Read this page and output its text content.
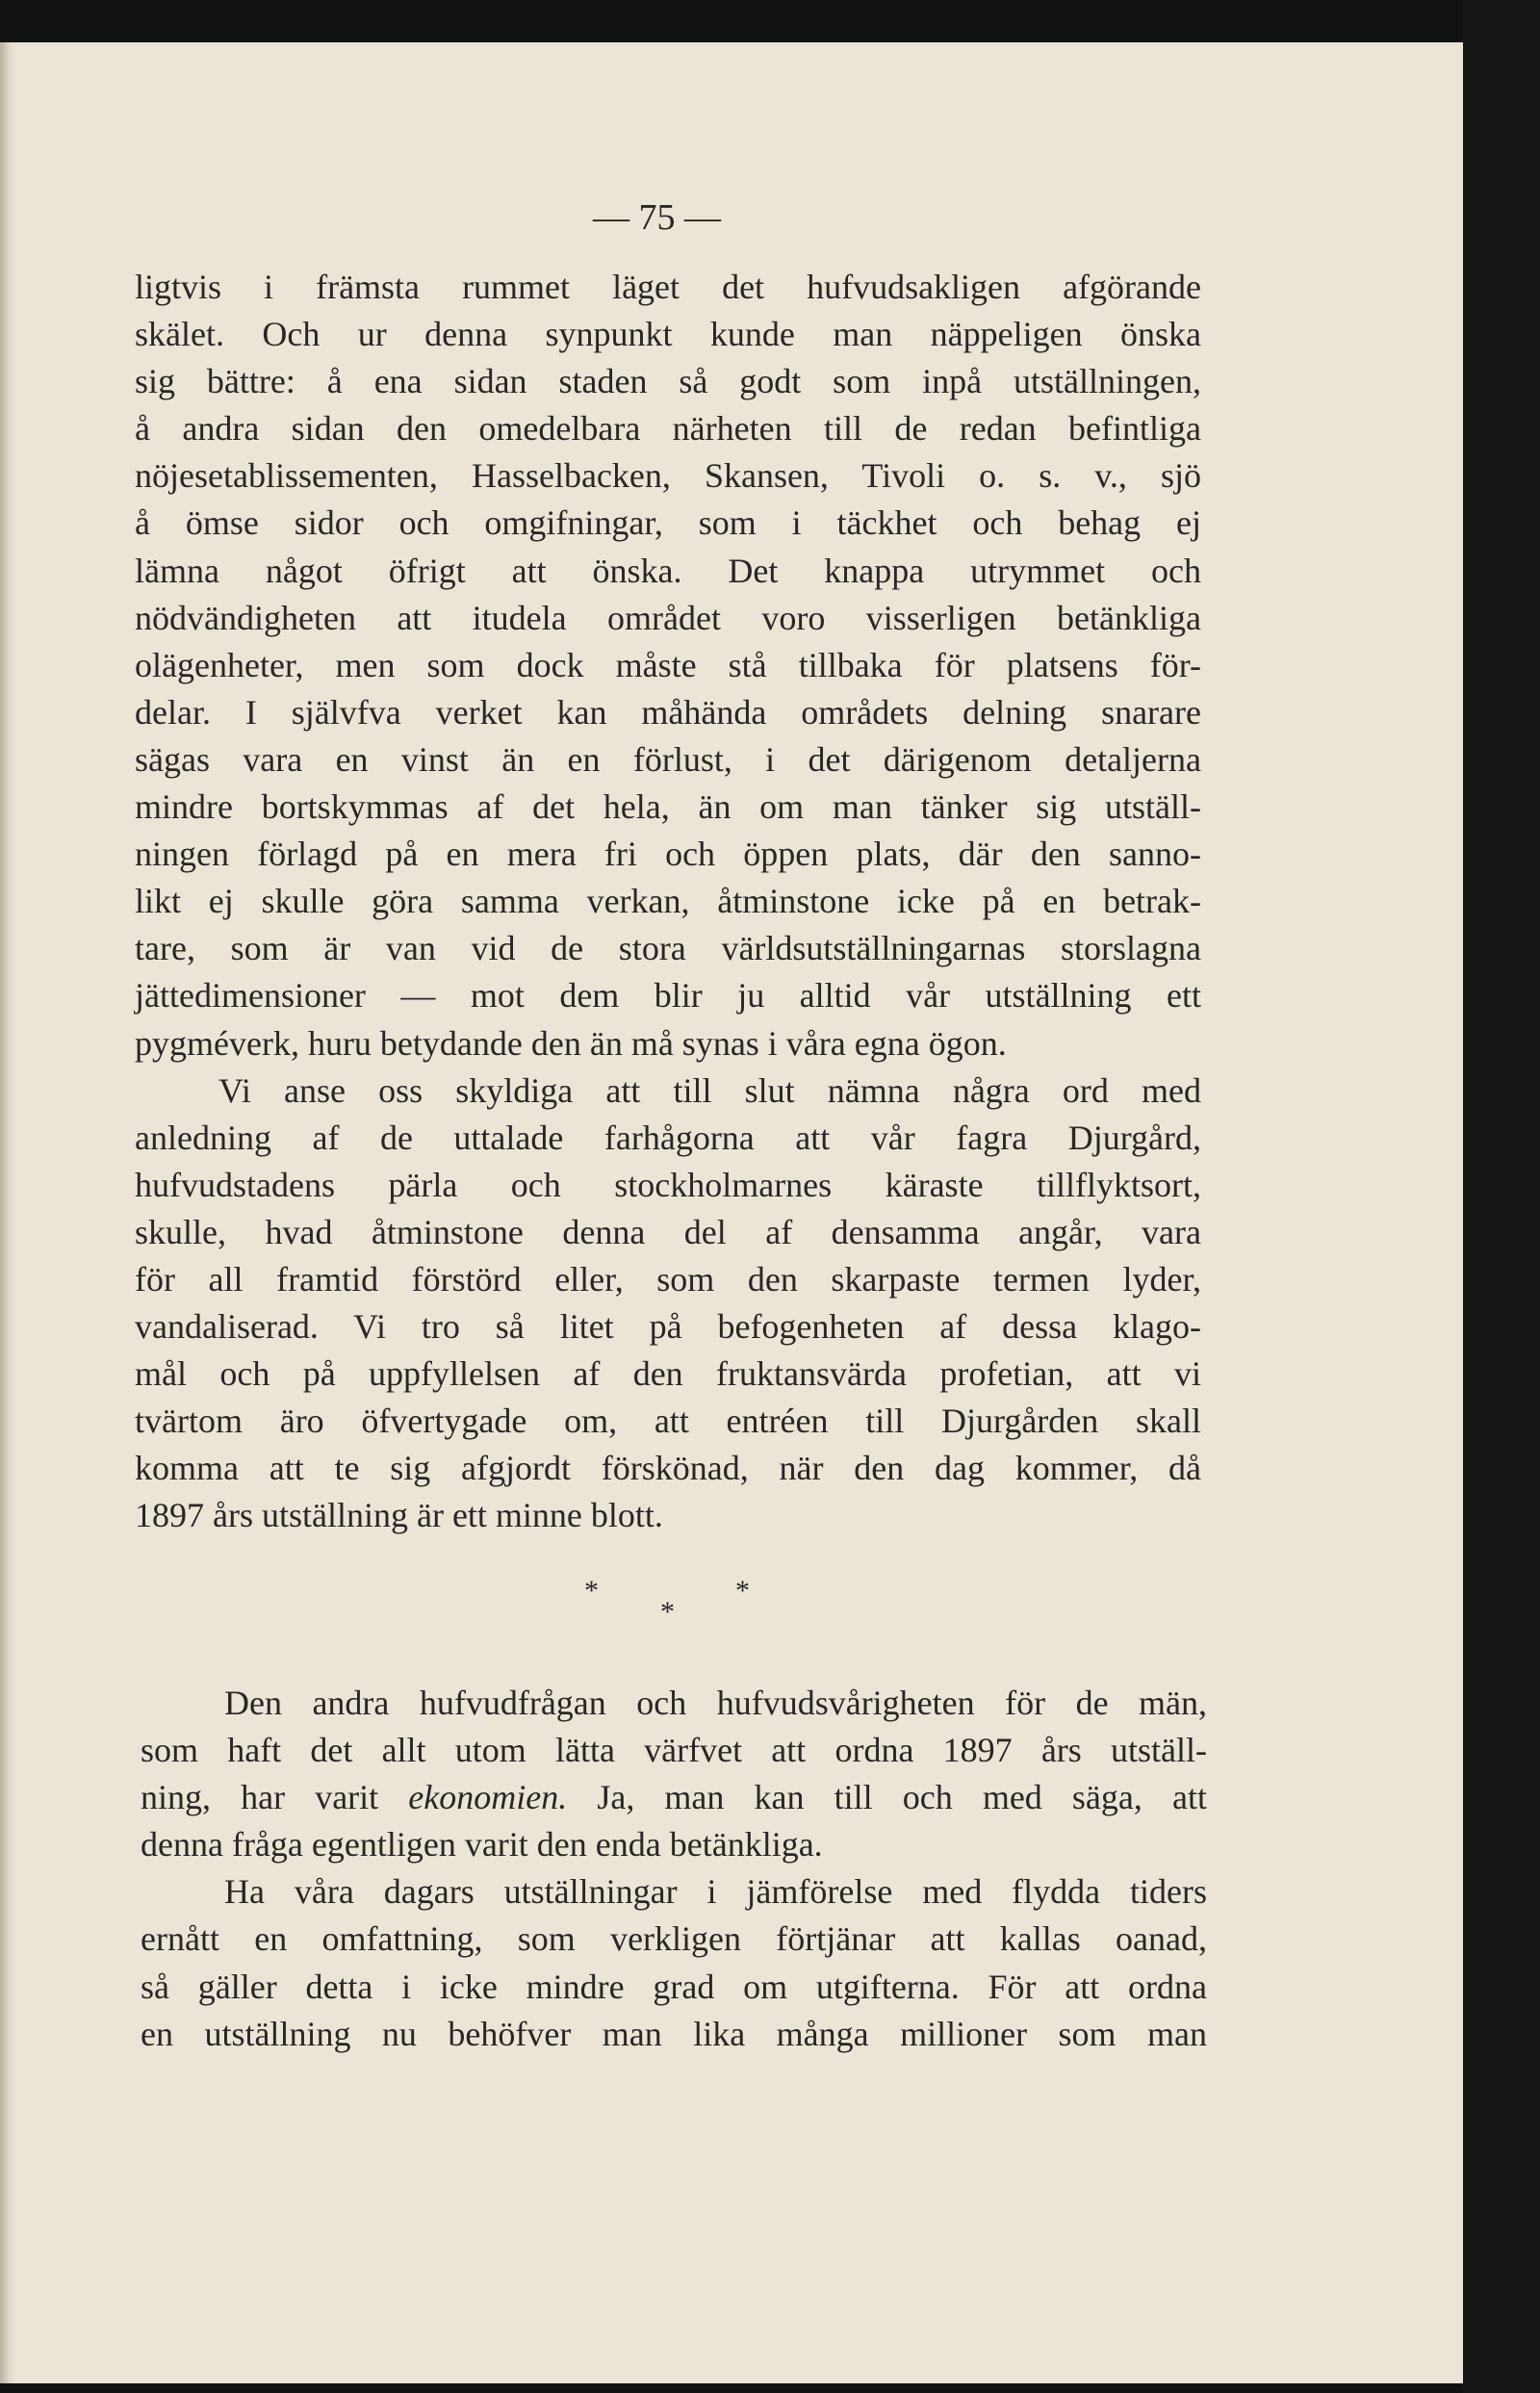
— 75 —
ligtvis i främsta rummet läget det hufvudsakligen afgörande
skälet. Och ur denna synpunkt kunde man näppeligen önska
sig bättre: å ena sidan staden så godt som inpå utställningen,
å andra sidan den omedelbara närheten till de redan befintliga
nöjesetablissementen, Hasselbacken, Skansen, Tivoli o. s. v., sjö
å ömse sidor och omgifningar, som i täckhet och behag ej
lämna något öfrigt att önska. Det knappa utrymmet och
nödvändigheten att itudela området voro visserligen betänkliga
olägenheter, men som dock måste stå tillbaka för platsens för-
delar. I självfva verket kan måhända områdets delning snarare
sägas vara en vinst än en förlust, i det därigenom detaljerna
mindre bortskymmas af det hela, än om man tänker sig utställ-
ningen förlagd på en mera fri och öppen plats, där den sanno-
likt ej skulle göra samma verkan, åtminstone icke på en betrak-
tare, som är van vid de stora världsutställningarnas storslagna
jättedimensioner — mot dem blir ju alltid vår utställning ett
pygméverk, huru betydande den än må synas i våra egna ögon.
Vi anse oss skyldiga att till slut nämna några ord med
anledning af de uttalade farhågorna att vår fagra Djurgård,
hufvudstadens pärla och stockholmarnes käraste tillflyktsort,
skulle, hvad åtminstone denna del af densamma angår, vara
för all framtid förstörd eller, som den skarpaste termen lyder,
vandaliserad. Vi tro så litet på befogenheten af dessa klago-
mål och på uppfyllelsen af den fruktansvärda profetian, att vi
tvärtom äro öfvertygade om, att entréen till Djurgården skall
komma att te sig afgjordt förskönad, när den dag kommer, då
1897 års utställning är ett minne blott.
*	*
*
Den andra hufvudfrågan och hufvudsvårigheten för de män,
som haft det allt utom lätta värfvet att ordna 1897 års utställ-
ning, har varit ekonomien. Ja, man kan till och med säga, att
denna fråga egentligen varit den enda betänkliga.
Ha våra dagars utställningar i jämförelse med flydda tiders
ernått en omfattning, som verkligen förtjänar att kallas oanad,
så gäller detta i icke mindre grad om utgifterna. För att ordna
en utställning nu behöfver man lika många millioner som man
